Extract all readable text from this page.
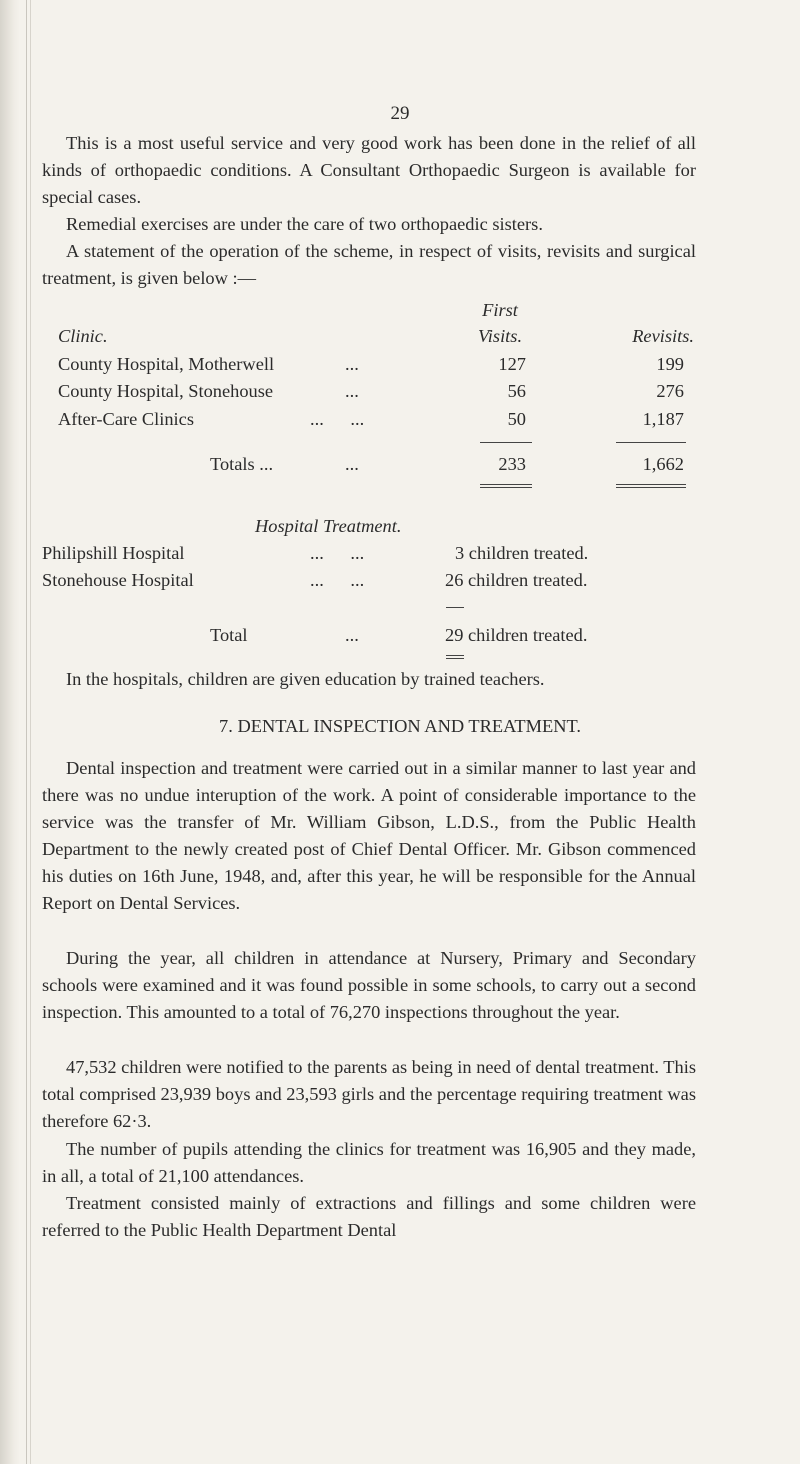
29

This is a most useful service and very good work has been done in the relief of all kinds of orthopaedic conditions. A Consultant Orthopaedic Surgeon is available for special cases.

Remedial exercises are under the care of two orthopaedic sisters.

A statement of the operation of the scheme, in respect of visits, revisits and surgical treatment, is given below :—

First
Clinic.	Visits.	Revisits.
County Hospital, Motherwell	...	127	199
County Hospital, Stonehouse	...	56	276
After-Care Clinics	... ...	50	1,187
Totals ...	...	233	1,662
Hospital Treatment.
Philipshill Hospital	... ...	3 children treated.
Stonehouse Hospital	... ...	26 children treated.
Total	...	29 children treated.

In the hospitals, children are given education by trained teachers.

7. DENTAL INSPECTION AND TREATMENT.

Dental inspection and treatment were carried out in a similar manner to last year and there was no undue interuption of the work. A point of considerable importance to the service was the transfer of Mr. William Gibson, L.D.S., from the Public Health Department to the newly created post of Chief Dental Officer. Mr. Gibson commenced his duties on 16th June, 1948, and, after this year, he will be responsible for the Annual Report on Dental Services.

During the year, all children in attendance at Nursery, Primary and Secondary schools were examined and it was found possible in some schools, to carry out a second inspection. This amounted to a total of 76,270 inspections throughout the year.

47,532 children were notified to the parents as being in need of dental treatment. This total comprised 23,939 boys and 23,593 girls and the percentage requiring treatment was therefore 62·3.

The number of pupils attending the clinics for treatment was 16,905 and they made, in all, a total of 21,100 attendances.

Treatment consisted mainly of extractions and fillings and some children were referred to the Public Health Department Dental
